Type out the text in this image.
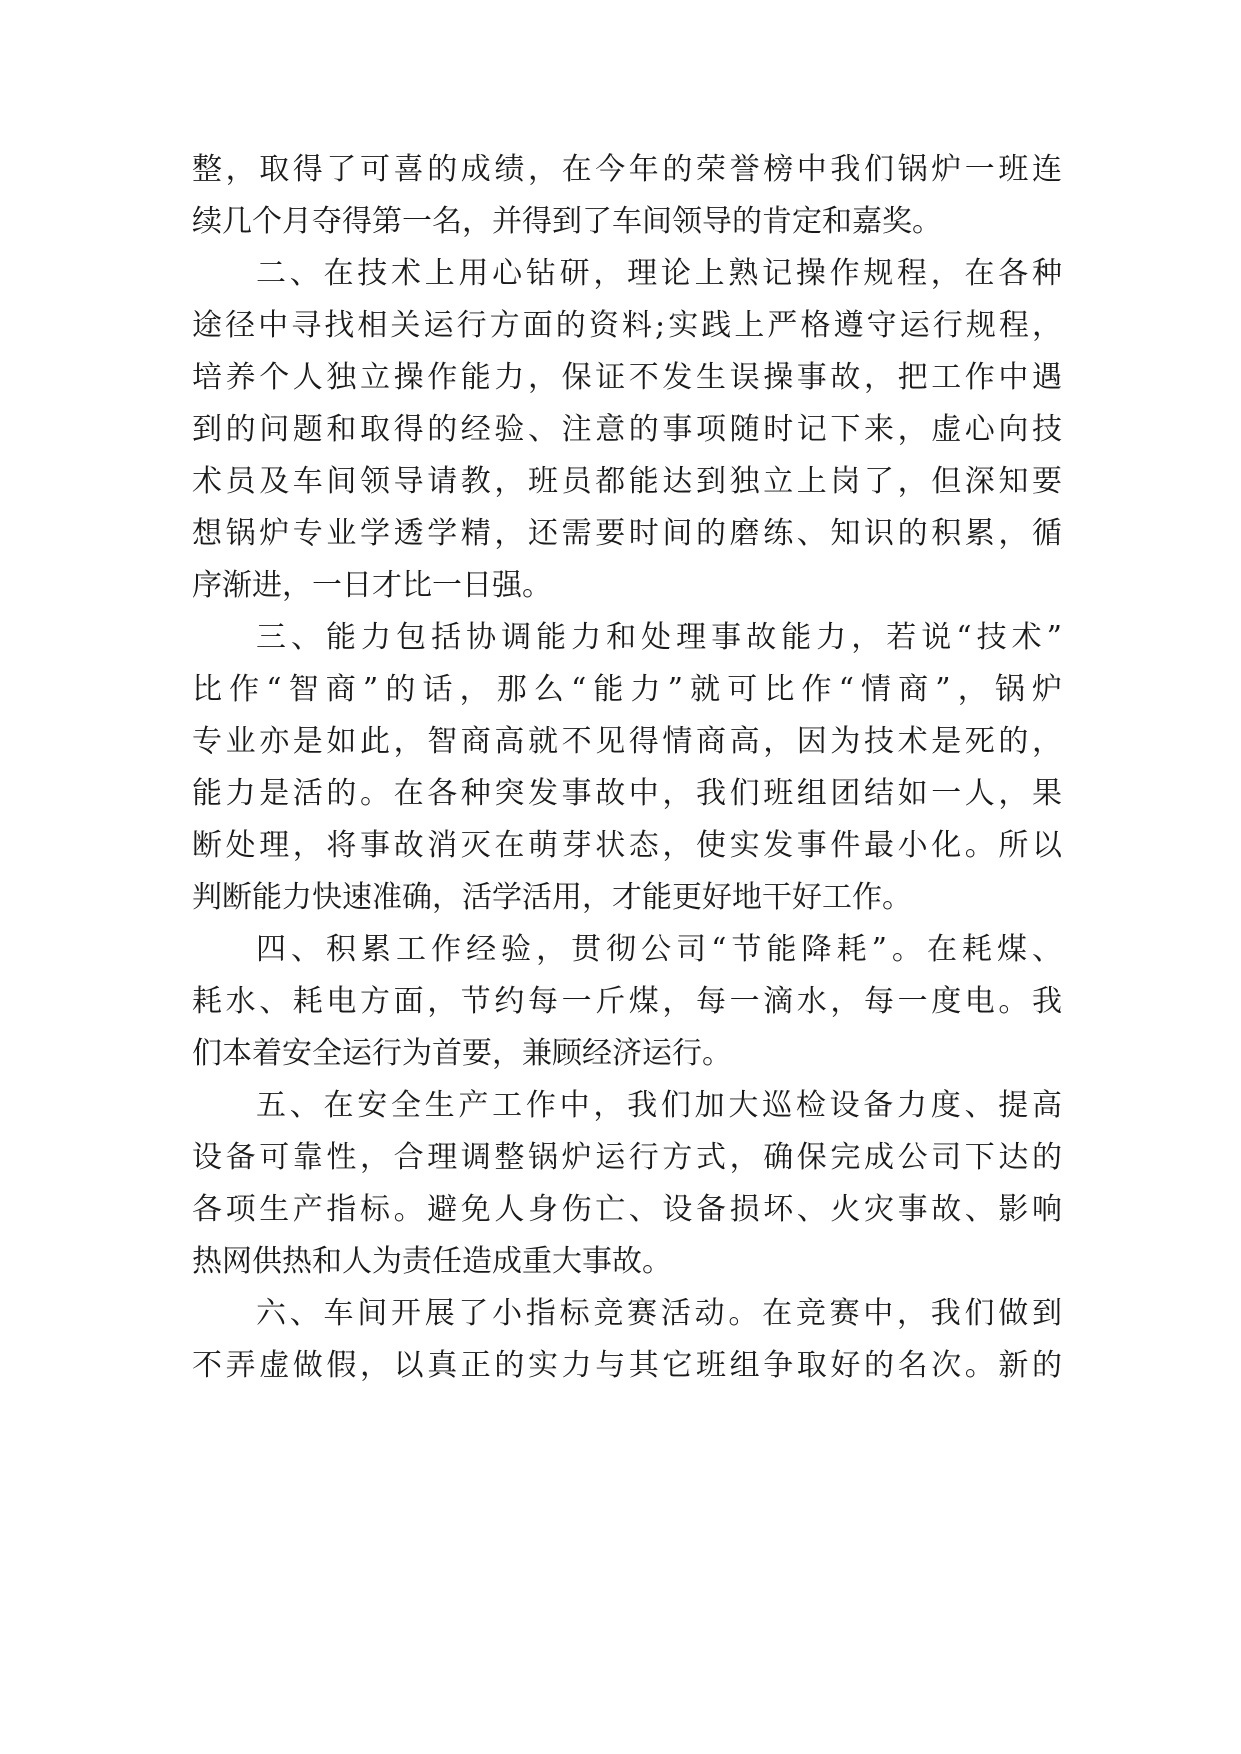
整，取得了可喜的成绩，在今年的荣誉榜中我们锅炉一班连
续几个月夺得第一名，并得到了车间领导的肯定和嘉奖。
二、在技术上用心钻研，理论上熟记操作规程，在各种
途径中寻找相关运行方面的资料;实践上严格遵守运行规程，
培养个人独立操作能力，保证不发生误操事故，把工作中遇
到的问题和取得的经验、注意的事项随时记下来，虚心向技
术员及车间领导请教，班员都能达到独立上岗了，但深知要
想锅炉专业学透学精，还需要时间的磨练、知识的积累，循
序渐进，一日才比一日强。
三、能力包括协调能力和处理事故能力，若说“技术”
比作“智商”的话，那么“能力”就可比作“情商”，锅炉
专业亦是如此，智商高就不见得情商高，因为技术是死的，
能力是活的。在各种突发事故中，我们班组团结如一人，果
断处理，将事故消灭在萌芽状态，使实发事件最小化。所以
判断能力快速准确，活学活用，才能更好地干好工作。
四、积累工作经验，贯彻公司“节能降耗”。在耗煤、
耗水、耗电方面，节约每一斤煤，每一滴水，每一度电。我
们本着安全运行为首要，兼顾经济运行。
五、在安全生产工作中，我们加大巡检设备力度、提高
设备可靠性，合理调整锅炉运行方式，确保完成公司下达的
各项生产指标。避免人身伤亡、设备损坏、火灾事故、影响
热网供热和人为责任造成重大事故。
六、车间开展了小指标竞赛活动。在竞赛中，我们做到
不弄虚做假，以真正的实力与其它班组争取好的名次。新的
